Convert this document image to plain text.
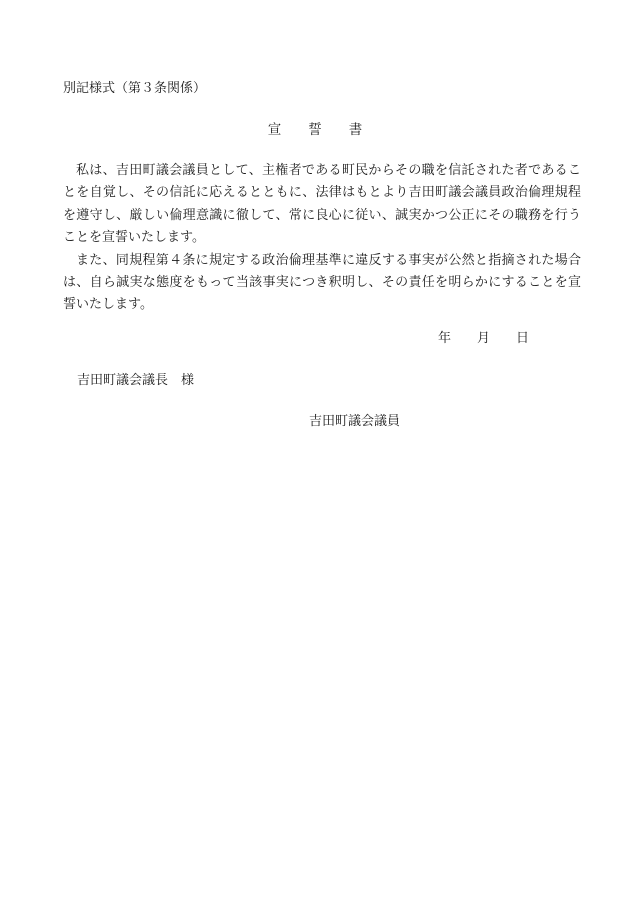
別記様式（第３条関係）
宣　　誓　　書

私は、吉田町議会議員として、主権者である町民からその職を信託された者であることを自覚し、その信託に応えるとともに、法律はもとより吉田町議会議員政治倫理規程を遵守し、厳しい倫理意識に徹して、常に良心に従い、誠実かつ公正にその職務を行うことを宣誓いたします。

また、同規程第４条に規定する政治倫理基準に違反する事実が公然と指摘された場合は、自ら誠実な態度をもって当該事実につき釈明し、その責任を明らかにすることを宣誓いたします。

年　　月　　日
吉田町議会議長　様
吉田町議会議員
